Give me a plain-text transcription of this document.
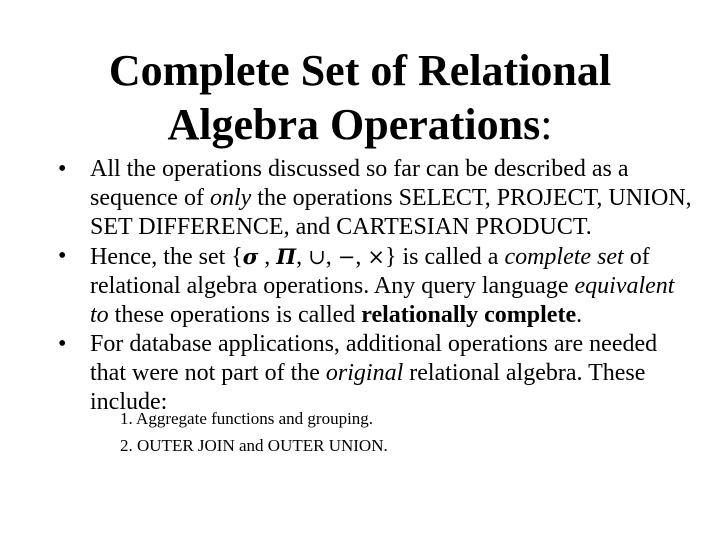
Complete Set of Relational
Algebra Operations:
• All the operations discussed so far can be described as a sequence of only the operations SELECT, PROJECT, UNION, SET DIFFERENCE, and CARTESIAN PRODUCT.
• Hence, the set {σ , Π, ∪, −, ×} is called a complete set of relational algebra operations. Any query language equivalent to these operations is called relationally complete.
• For database applications, additional operations are needed that were not part of the original relational algebra. These include:
1. Aggregate functions and grouping.
2. OUTER JOIN and OUTER UNION.
